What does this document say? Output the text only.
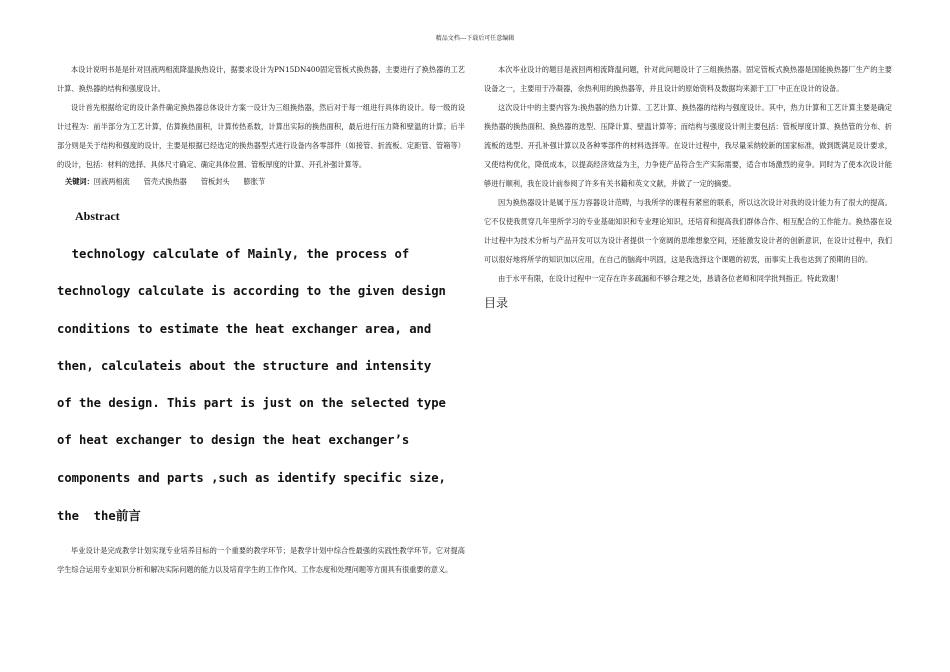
精品文档---下载后可任意编辑

本设计说明书是是针对回液两相流降温换热设计，据要求设计为PN15DN400固定管板式换热器，主要进行了换热器的工艺计算、换热器的结构和强度设计。

设计首先根据给定的设计条件确定换热器总体设计方案一设计为三组换热器，然后对于每一组进行具体的设计。每一级的设计过程为：前半部分为工艺计算，估算换热面积，计算传热系数，计算出实际的换热面积，最后进行压力降和壁温的计算；后半部分则是关于结构和强度的设计，主要是根据已经选定的换热器型式进行设备内各零部件（如接管、折流板、定距管、管箱等）的设计，包括：材料的选择、具体尺寸确定、确定具体位置、管板厚度的计算、开孔补强计算等。

关键词：回液两相流 管壳式换热器 管板封头 膨胀节

Abstract
technology calculate of Mainly, the process of
technology calculate is according to the given design
conditions to estimate the heat exchanger area, and
then, calculateis about the structure and intensity
of the design. This part is just on the selected type
of heat exchanger to design the heat exchanger’s
components and parts ,such as identify specific size,
the  the前言

毕业设计是完成教学计划实现专业培养目标的一个重要的教学环节；是教学计划中综合性最强的实践性教学环节。它对提高学生综合运用专业知识分析和解决实际问题的能力以及培育学生的工作作风、工作态度和处理问题等方面具有很重要的意义。

本次毕业设计的题目是液回两相流降温问题，针对此问题设计了三组换热器。固定管板式换热器是国能换热器厂生产的主要设备之一，主要用于冷凝器，余热利用的换热器等，并且设计的原始资料及数据均来源于工厂中正在设计的设备。

这次设计中的主要内容为:换热器的热力计算、工艺计算、换热器的结构与强度设计。其中，热力计算和工艺计算主要是确定换热器的换热面积、换热器的选型、压降计算、壁温计算等；而结构与强度设计则主要包括：管板厚度计算、换热管的分布、折流板的选型、开孔补强计算以及各种零部件的材料选择等。在设计过程中，我尽量采纳较新的国家标准，做到既满足设计要求，又使结构优化，降低成本，以提高经济效益为主，力争使产品符合生产实际需要，适合市场激烈的竞争。同时为了使本次设计能够进行顺利，我在设计前参阅了许多有关书籍和英文文献，并做了一定的摘要。

因为换热器设计是属于压力容器设计范畴，与我所学的课程有紧密的联系，所以这次设计对我的设计能力有了很大的提高。它不仅使我贯穿几年里所学习的专业基础知识和专业理论知识，还培育和提高我们群体合作、相互配合的工作能力。换热器在设计过程中为技术分析与产品开发可以为设计者提供一个宽阔的思维想象空间，还能激发设计者的创新意识，在设计过程中，我们可以很好地将所学的知识加以应用，在自己的脑海中巩固，这是我选择这个课题的初衷，而事实上我也达到了预期的目的。

由于水平有限，在设计过程中一定存在许多疏漏和不够合理之处，恳请各位老师和同学批判指正。特此致谢！

目录
